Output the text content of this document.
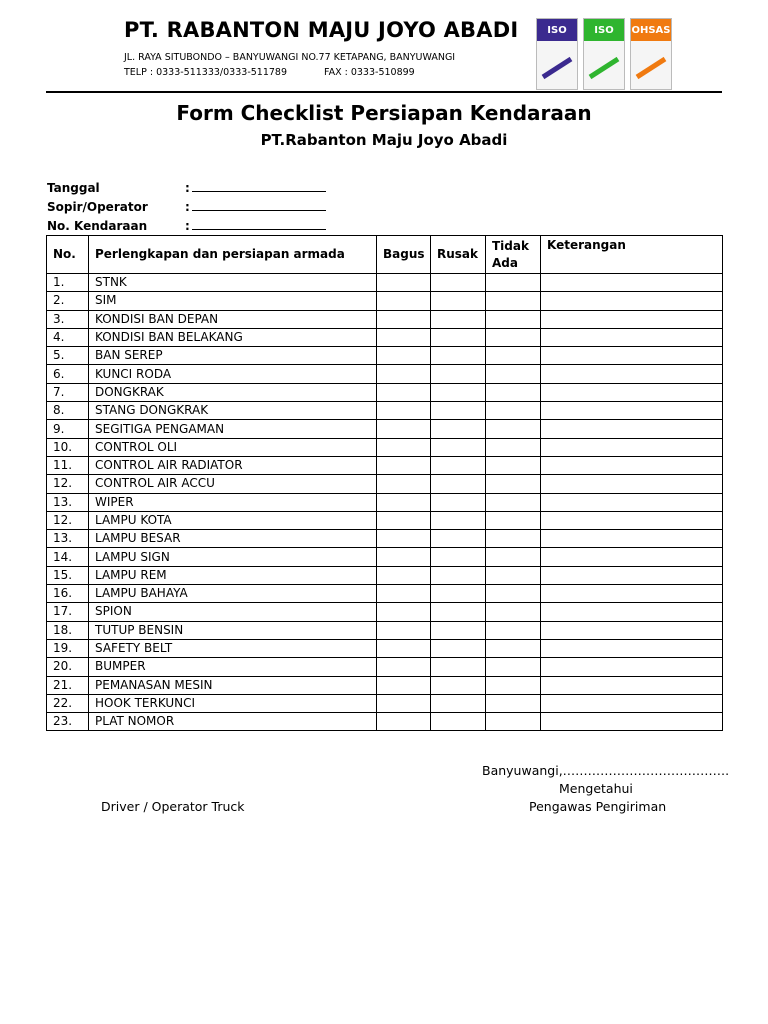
PT. RABANTON MAJU JOYO ABADI
JL. RAYA SITUBONDO – BANYUWANGI NO.77 KETAPANG, BANYUWANGI
TELP : 0333-511333/0333-511789	FAX : 0333-510899
ISO	ISO	OHSAS
Form Checklist Persiapan Kendaraan
PT.Rabanton Maju Joyo Abadi
Tanggal	:
Sopir/Operator	:
No. Kendaraan	:
No.	Perlengkapan dan persiapan armada	Bagus	Rusak	Tidak Ada	Keterangan
1.	STNK				
2.	SIM				
3.	KONDISI BAN DEPAN				
4.	KONDISI BAN BELAKANG				
5.	BAN SEREP				
6.	KUNCI RODA				
7.	DONGKRAK				
8.	STANG DONGKRAK				
9.	SEGITIGA PENGAMAN				
10.	CONTROL OLI				
11.	CONTROL AIR RADIATOR				
12.	CONTROL AIR ACCU				
13.	WIPER				
12.	LAMPU KOTA				
13.	LAMPU BESAR				
14.	LAMPU SIGN				
15.	LAMPU REM				
16.	LAMPU BAHAYA				
17.	SPION				
18.	TUTUP BENSIN				
19.	SAFETY BELT				
20.	BUMPER				
21.	PEMANASAN MESIN				
22.	HOOK TERKUNCI				
23.	PLAT NOMOR				
Banyuwangi,………………………………….
Mengetahui
Driver / Operator Truck	Pengawas Pengiriman
